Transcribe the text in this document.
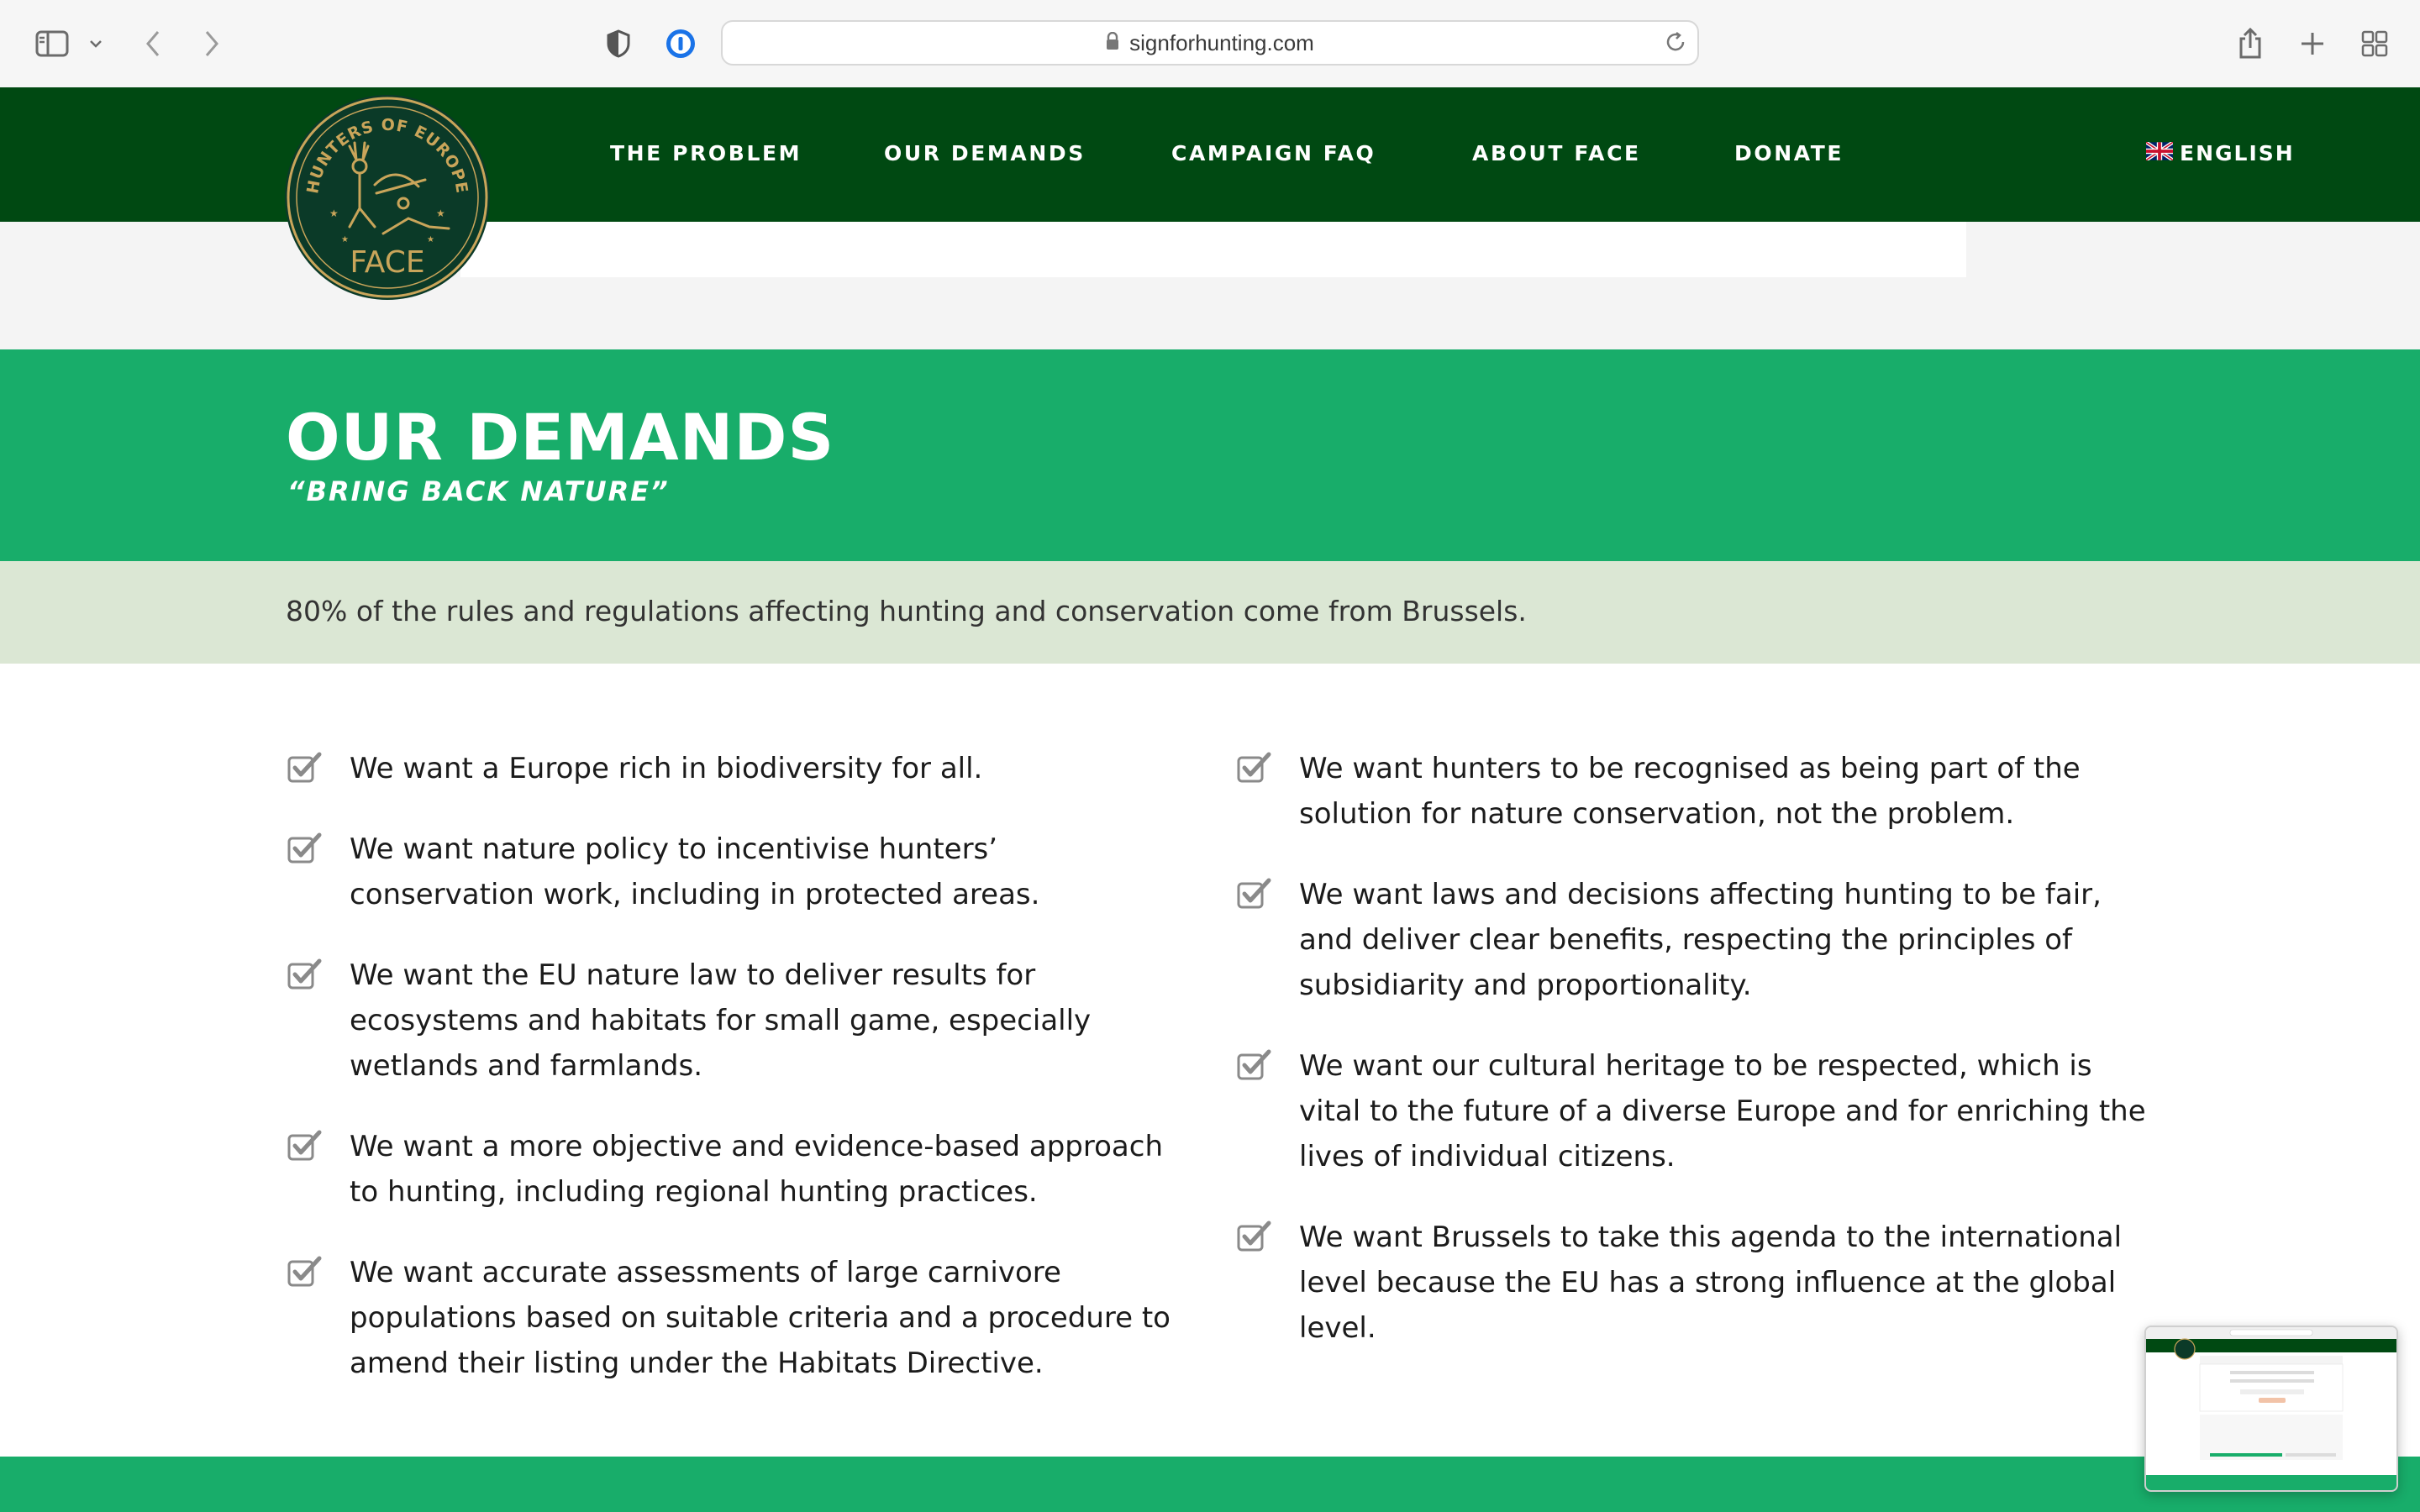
signforhunting.com
THE PROBLEM	OUR DEMANDS	CAMPAIGN FAQ	ABOUT FACE	DONATE	ENGLISH
HUNTERS OF EUROPE
★	★
★	★
FACE
OUR DEMANDS
“BRING BACK NATURE”

80% of the rules and regulations affecting hunting and conservation come from Brussels.

We want a Europe rich in biodiversity for all.
We want nature policy to incentivise hunters’ conservation work, including in protected areas.
We want the EU nature law to deliver results for ecosystems and habitats for small game, especially wetlands and farmlands.
We want a more objective and evidence-based approach to hunting, including regional hunting practices.
We want accurate assessments of large carnivore populations based on suitable criteria and a procedure to amend their listing under the Habitats Directive.
We want hunters to be recognised as being part of the solution for nature conservation, not the problem.
We want laws and decisions affecting hunting to be fair, and deliver clear benefits, respecting the principles of subsidiarity and proportionality.
We want our cultural heritage to be respected, which is vital to the future of a diverse Europe and for enriching the lives of individual citizens.
We want Brussels to take this agenda to the international level because the EU has a strong influence at the global level.
